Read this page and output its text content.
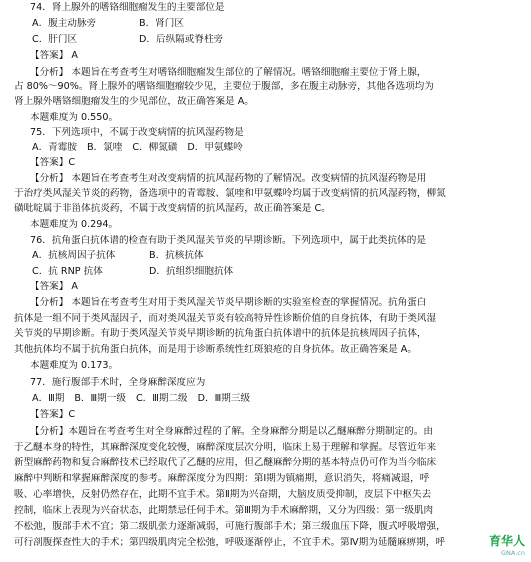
74．肾上腺外的嗜铬细胞瘤发生的主要部位是
A．腹主动脉旁	B．肾门区
C．肝门区	D．后纵隔或脊柱旁
【答案】 A
【分析】 本题旨在考查考生对嗜铬细胞瘤发生部位的了解情况。嗜铬细胞瘤主要位于肾上腺，
占 80%～90%。肾上腺外的嗜铬细胞瘤较少见，主要位于腹部，多在腹主动脉旁，其他各选项均为
肾上腺外嗜铬细胞瘤发生的少见部位，故正确答案是 A。
本题难度为 0.550。
75．下列选项中，不属于改变病情的抗风湿药物是
A．青霉胺 B．氯喹 C．柳氮磺 D．甲氨蝶呤
【答案】C
【分析】 本题旨在考查考生对改变病情的抗风湿药物的了解情况。改变病情的抗风湿药物是用
于治疗类风湿关节炎的药物，备选项中的青霉胺、氯喹和甲氨蝶呤均属于改变病情的抗风湿药物，柳氮
磺吡啶属于非甾体抗炎药，不属于改变病情的抗风湿药，故正确答案是 C。
本题难度为 0.294。
76．抗角蛋白抗体谱的检查有助于类风湿关节炎的早期诊断。下列选项中，属于此类抗体的是
A．抗核周因子抗体	B．抗核抗体
C．抗 RNP 抗体	D．抗组织细胞抗体
【答案】 A
【分析】 本题旨在考查考生对用于类风湿关节炎早期诊断的实验室检查的掌握情况。抗角蛋白
抗体是一组不同于类风湿因子，而对类风湿关节炎有较高特异性诊断价值的自身抗体，有助于类风湿
关节炎的早期诊断。有助于类风湿关节炎早期诊断的抗角蛋白抗体谱中的抗体是抗核周因子抗体，
其他抗体均不属于抗角蛋白抗体，而是用于诊断系统性红斑狼疮的自身抗体。故正确答案是 A。
本题难度为 0.173。
77．施行腹部手术时，全身麻醉深度应为
A．Ⅲ期 B．Ⅲ期一级 C．Ⅲ期二级 D．Ⅲ期三级
【答案】C
【分析】本题旨在考查考生对全身麻醉过程的了解。全身麻醉分期是以乙醚麻醉分期制定的。由
于乙醚本身的特性，其麻醉深度变化较慢，麻醉深度层次分明，临床上易于理解和掌握。尽管近年来
新型麻醉药物和复合麻醉技术已经取代了乙醚的应用，但乙醚麻醉分期的基本特点仍可作为当今临床
麻醉中判断和掌握麻醉深度的参考。麻醉深度分为四期：第Ⅰ期为镇痛期，意识消失，将痛减退，呼
吸、心率增快，反射仍然存在，此期不宜手术。第Ⅱ期为兴奋期，大脑皮质受抑制，皮层下中枢失去
控制，临床上表现为兴奋状态，此期禁忌任何手术。第Ⅲ期为手术麻醉期，又分为四级：第一级肌肉
不松弛，腹部手术不宜；第二级肌张力逐渐减弱，可施行腹部手术；第三级血压下降，腹式呼吸增强，
可行剖腹探查性大的手术；第四级肌肉完全松弛，呼吸逐渐停止，不宜手术。第Ⅳ期为延髓麻痹期，呼	育华人
GNA.cn
